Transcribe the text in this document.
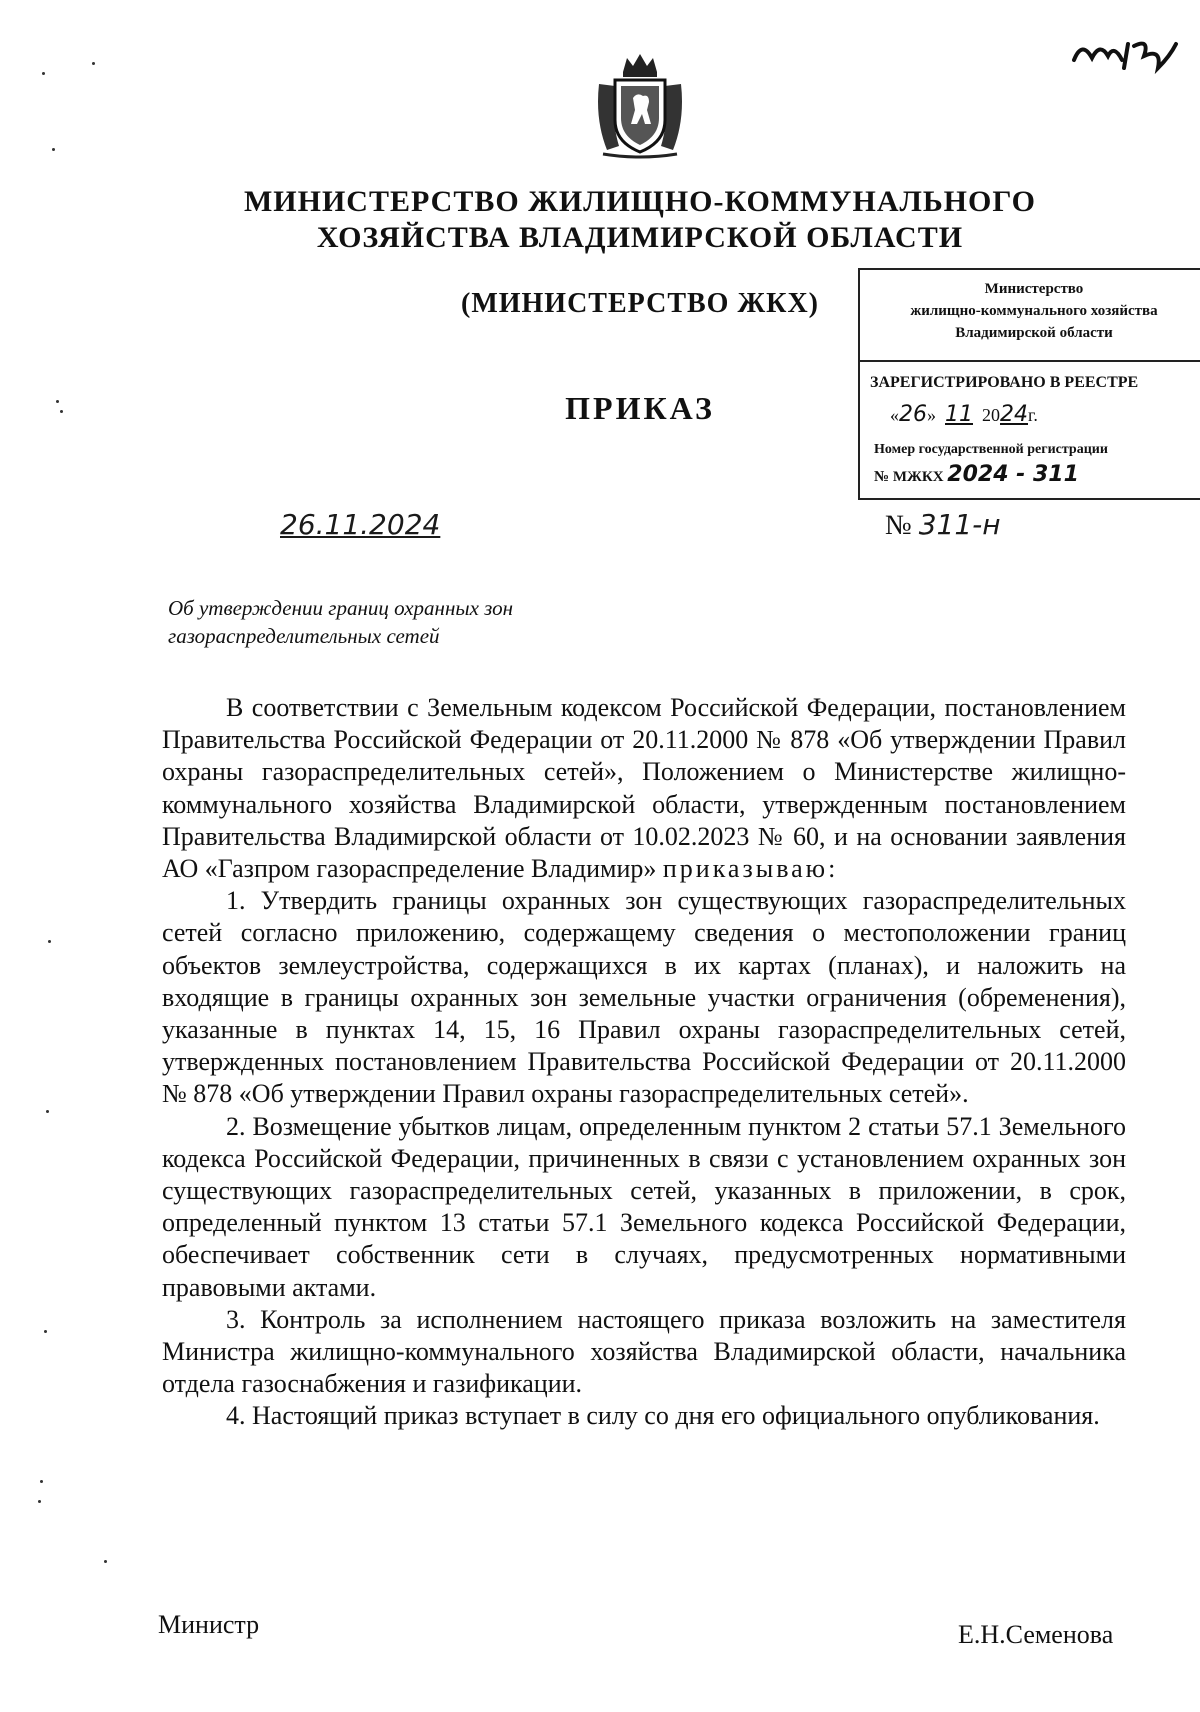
МИНИСТЕРСТВО ЖИЛИЩНО-КОММУНАЛЬНОГО
ХОЗЯЙСТВА ВЛАДИМИРСКОЙ ОБЛАСТИ
(МИНИСТЕРСТВО ЖКХ)
ПРИКАЗ
Министерство
жилищно-коммунального хозяйства
Владимирской области
ЗАРЕГИСТРИРОВАНО В РЕЕСТРЕ
«26»  11 2024г.
Номер государственной регистрации
№ МЖКХ 2024 - 311
26.11.2024	№ 311-н
Об утверждении границ охранных зон
газораспределительных сетей

В соответствии с Земельным кодексом Российской Федерации, постановлением Правительства Российской Федерации от 20.11.2000 № 878 «Об утверждении Правил охраны газораспределительных сетей», Положением о Министерстве жилищно-коммунального хозяйства Владимирской области, утвержденным постановлением Правительства Владимирской области от 10.02.2023 № 60, и на основании заявления АО «Газпром газораспределение Владимир» приказываю:

1. Утвердить границы охранных зон существующих газораспределительных сетей согласно приложению, содержащему сведения о местоположении границ объектов землеустройства, содержащихся в их картах (планах), и наложить на входящие в границы охранных зон земельные участки ограничения (обременения), указанные в пунктах 14, 15, 16 Правил охраны газораспределительных сетей, утвержденных постановлением Правительства Российской Федерации от 20.11.2000 № 878 «Об утверждении Правил охраны газораспределительных сетей».

2. Возмещение убытков лицам, определенным пунктом 2 статьи 57.1 Земельного кодекса Российской Федерации, причиненных в связи с установлением охранных зон существующих газораспределительных сетей, указанных в приложении, в срок, определенный пунктом 13 статьи 57.1 Земельного кодекса Российской Федерации, обеспечивает собственник сети в случаях, предусмотренных нормативными правовыми актами.

3. Контроль за исполнением настоящего приказа возложить на заместителя Министра жилищно-коммунального хозяйства Владимирской области, начальника отдела газоснабжения и газификации.

4. Настоящий приказ вступает в силу со дня его официального опубликования.

Министр	Е.Н.Семенова
